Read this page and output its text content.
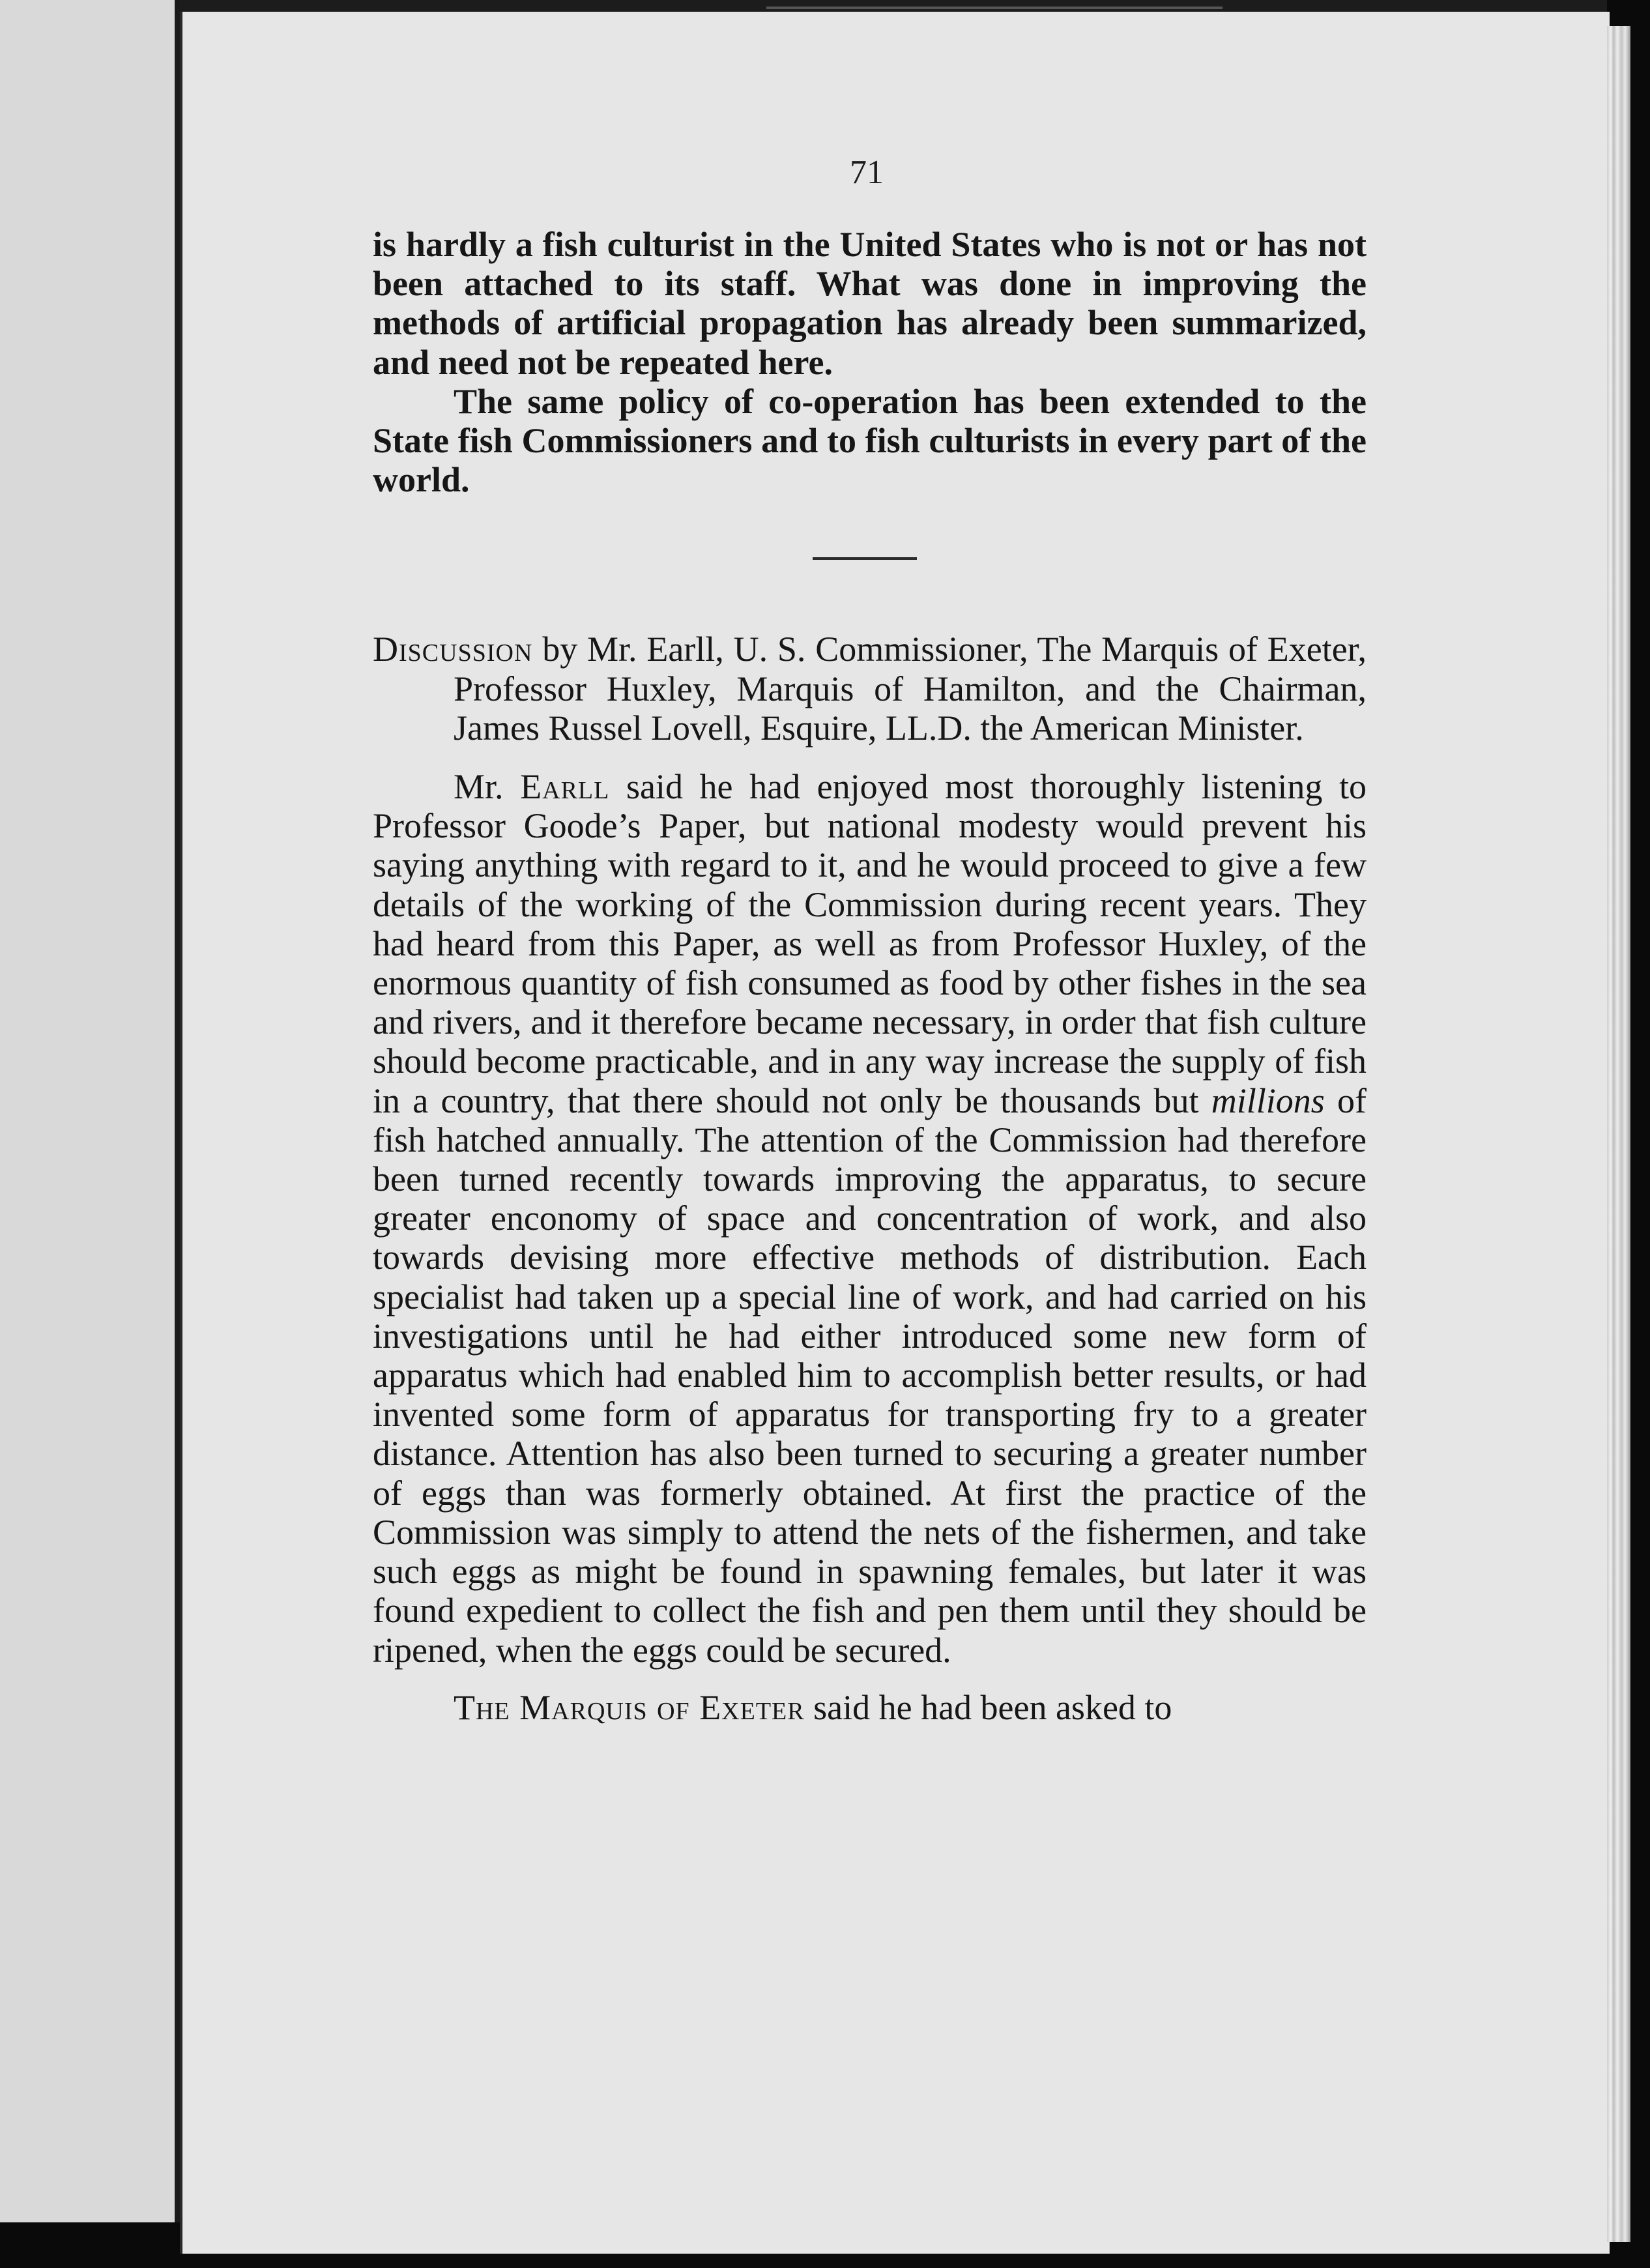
71

is hardly a fish culturist in the United States who is not or has not been attached to its staff. What was done in improving the methods of artificial propagation has already been summarized, and need not be repeated here.

The same policy of co-operation has been extended to the State fish Commissioners and to fish culturists in every part of the world.

Discussion by Mr. Earll, U. S. Commissioner, The Marquis of Exeter, Professor Huxley, Marquis of Hamilton, and the Chairman, James Russel Lovell, Esquire, LL.D. the American Minister.

Mr. Earll said he had enjoyed most thoroughly listening to Professor Goode’s Paper, but national modesty would prevent his saying anything with regard to it, and he would proceed to give a few details of the working of the Commission during recent years. They had heard from this Paper, as well as from Professor Huxley, of the enormous quantity of fish consumed as food by other fishes in the sea and rivers, and it therefore became necessary, in order that fish culture should become practicable, and in any way increase the supply of fish in a country, that there should not only be thousands but millions of fish hatched annually. The attention of the Commission had therefore been turned recently towards improving the apparatus, to secure greater enconomy of space and concentration of work, and also towards devising more effective methods of distribution. Each specialist had taken up a special line of work, and had carried on his investigations until he had either introduced some new form of apparatus which had enabled him to accomplish better results, or had invented some form of apparatus for transporting fry to a greater distance. Attention has also been turned to securing a greater number of eggs than was formerly obtained. At first the practice of the Commission was simply to attend the nets of the fishermen, and take such eggs as might be found in spawning females, but later it was found expedient to collect the fish and pen them until they should be ripened, when the eggs could be secured.

The Marquis of Exeter said he had been asked to
